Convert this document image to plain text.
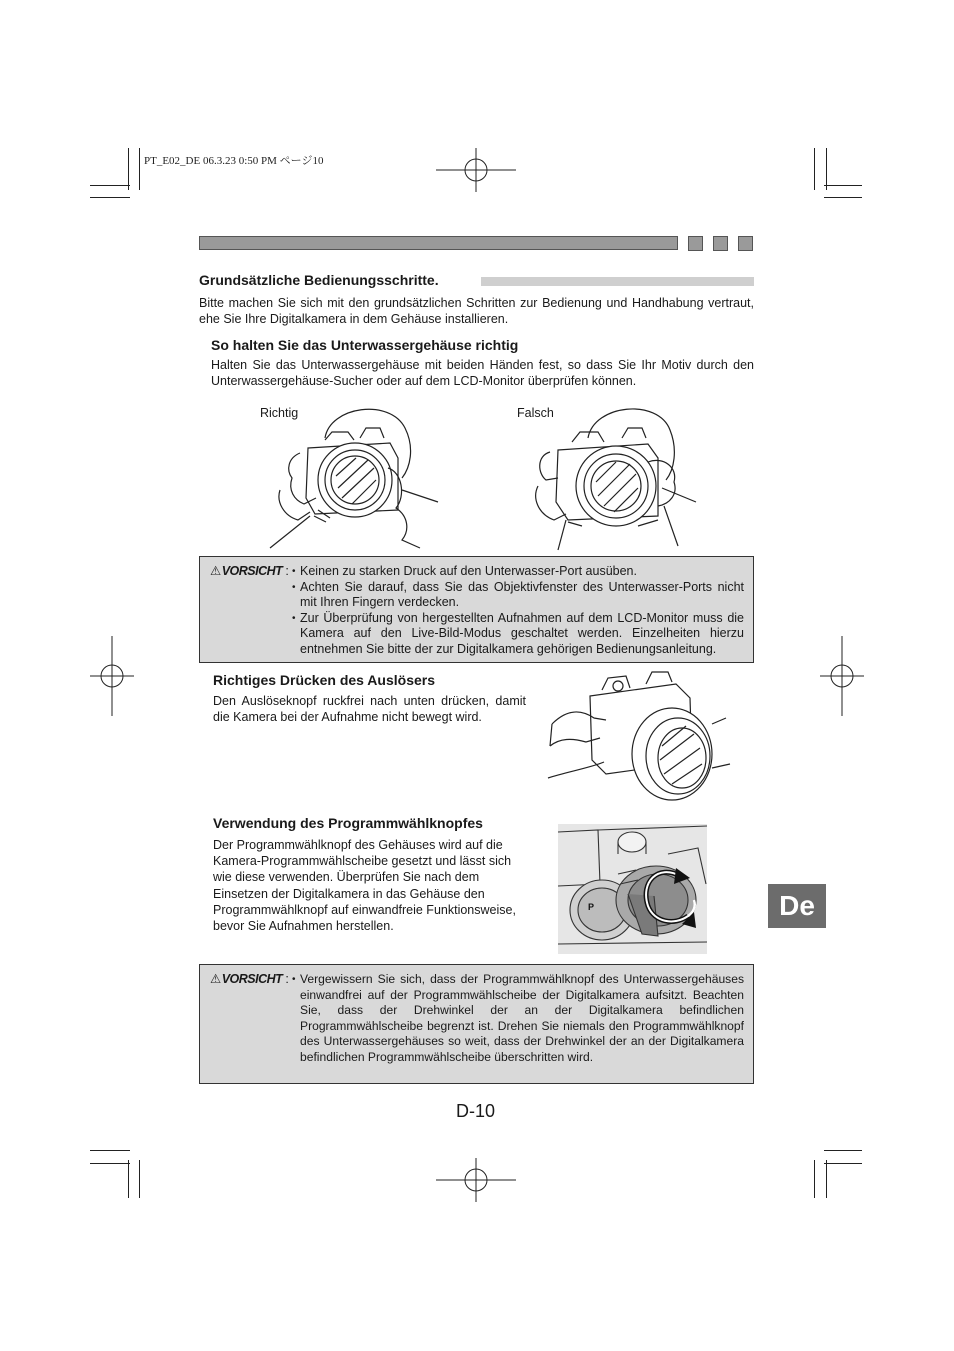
PT_E02_DE 06.3.23 0:50 PM ページ10
Grundsätzliche Bedienungsschritte.
Bitte machen Sie sich mit den grundsätzlichen Schritten zur Bedienung und Handhabung vertraut, ehe Sie Ihre Digitalkamera in dem Gehäuse installieren.
So halten Sie das Unterwassergehäuse richtig
Halten Sie das Unterwassergehäuse mit beiden Händen fest, so dass Sie Ihr Motiv durch den Unterwassergehäuse-Sucher oder auf dem LCD-Monitor überprüfen können.
Richtig	Falsch
⚠VORSICHT : • Keinen zu starken Druck auf den Unterwasser-Port ausüben.
• Achten Sie darauf, dass Sie das Objektivfenster des Unterwasser-Ports nicht mit Ihren Fingern verdecken.
• Zur Überprüfung von hergestellten Aufnahmen auf dem LCD-Monitor muss die Kamera auf den Live-Bild-Modus geschaltet werden. Einzelheiten hierzu entnehmen Sie bitte der zur Digitalkamera gehörigen Bedienungsanleitung.
Richtiges Drücken des Auslösers
Den Auslöseknopf ruckfrei nach unten drücken, damit die Kamera bei der Aufnahme nicht bewegt wird.
Verwendung des Programmwählknopfes
Der Programmwählknopf des Gehäuses wird auf die Kamera-Programmwählscheibe gesetzt und lässt sich wie diese verwenden. Überprüfen Sie nach dem Einsetzen der Digitalkamera in das Gehäuse den Programmwählknopf auf einwandfreie Funktionsweise, bevor Sie Aufnahmen herstellen.
P
⚠VORSICHT : • Vergewissern Sie sich, dass der Programmwählknopf des Unterwassergehäuses einwandfrei auf der Programmwählscheibe der Digitalkamera aufsitzt. Beachten Sie, dass der Drehwinkel der an der Digitalkamera befindlichen Programmwählscheibe begrenzt ist. Drehen Sie niemals den Programmwählknopf des Unterwassergehäuses so weit, dass der Drehwinkel der an der Digitalkamera befindlichen Programmwählscheibe überschritten wird.
De
D-10
